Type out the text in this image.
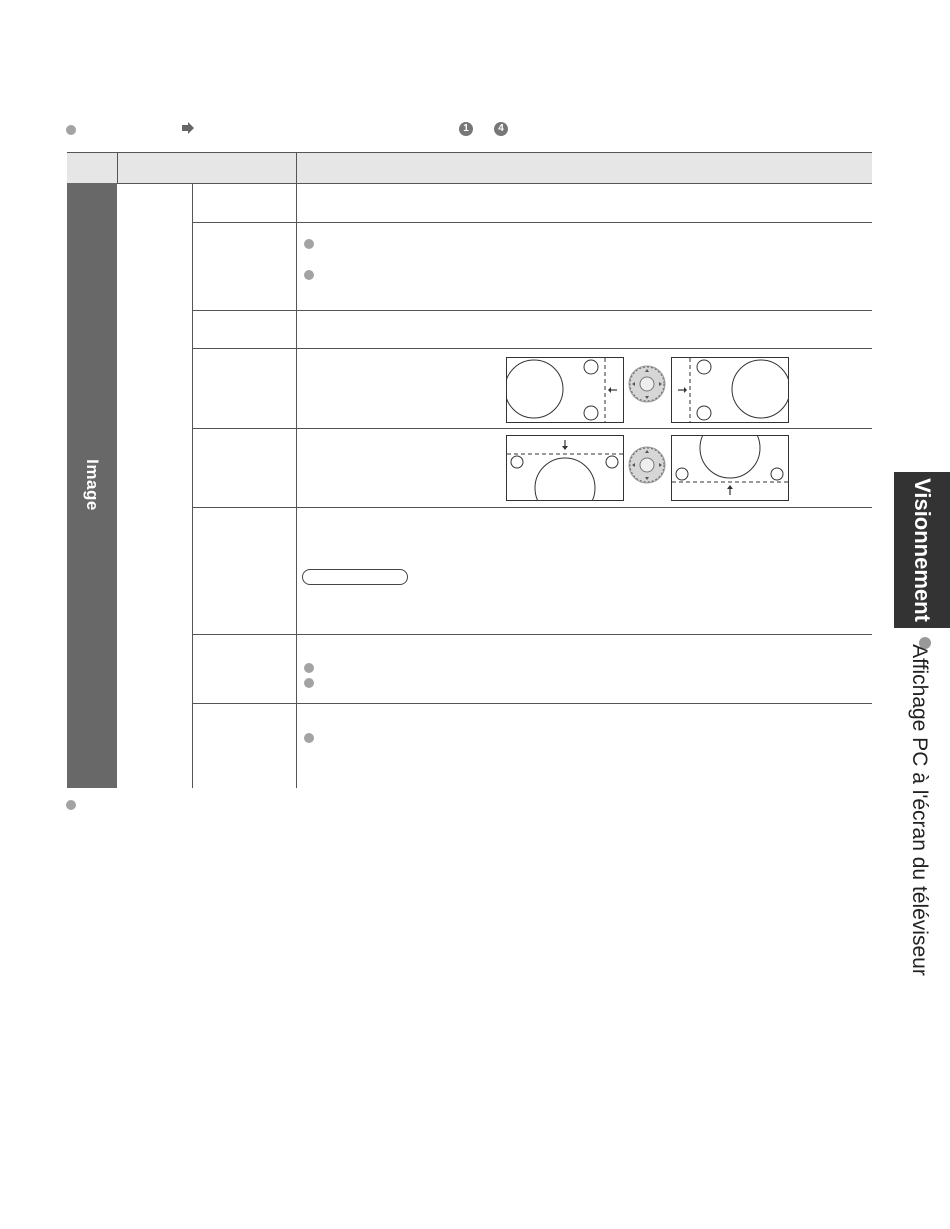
1	4
Image	Visionnement
Affichage PC à l'écran du téléviseur
